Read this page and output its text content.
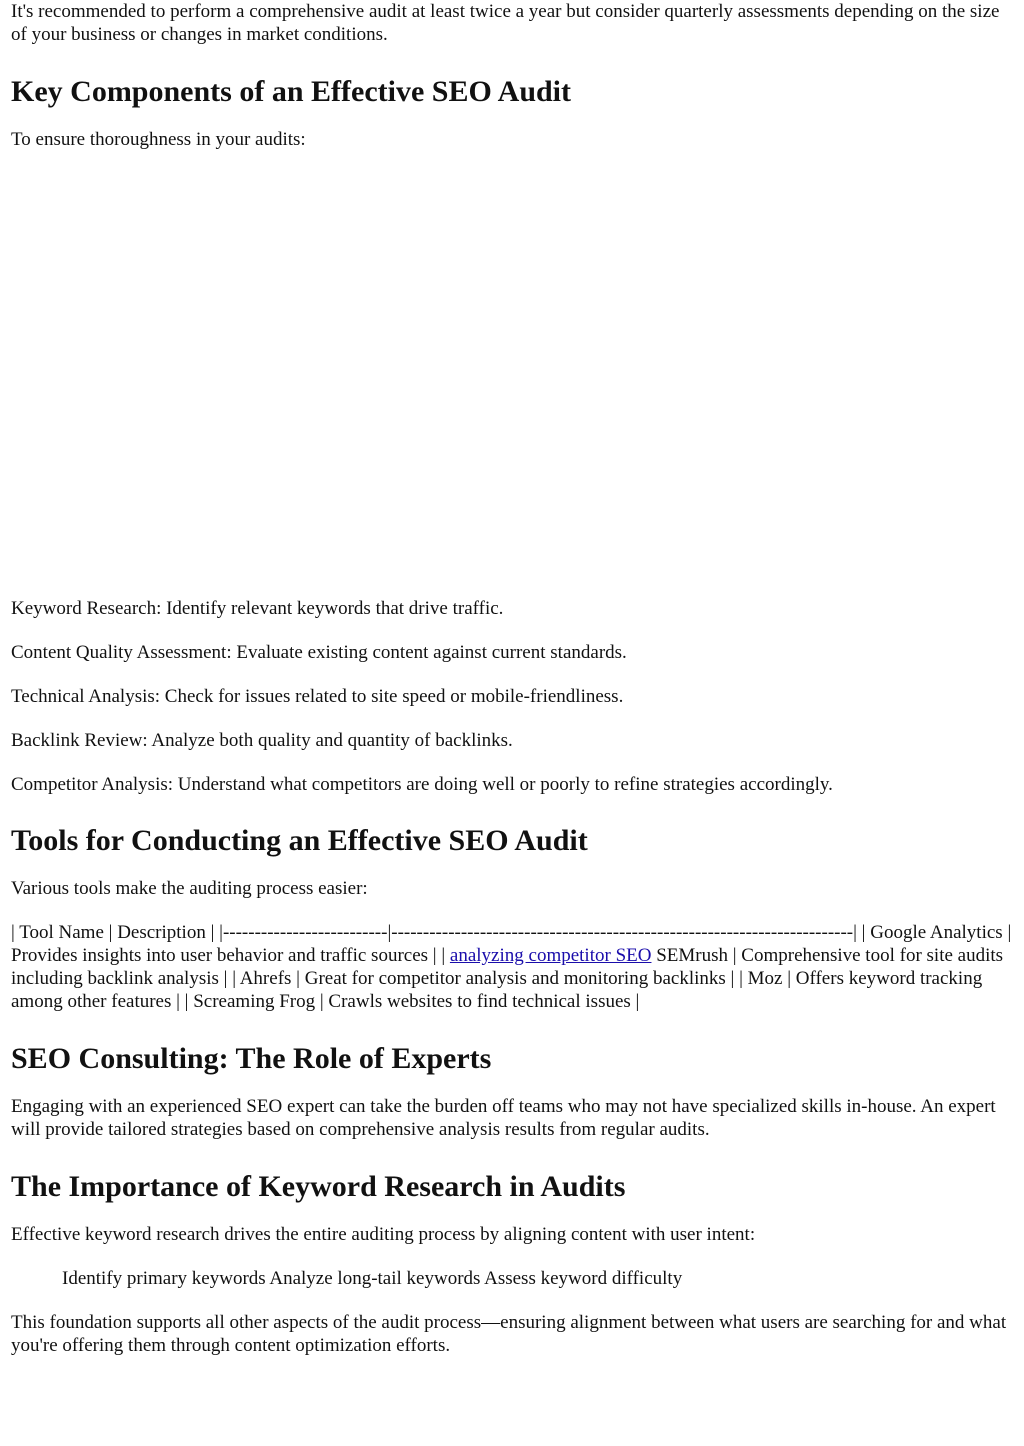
It's recommended to perform a comprehensive audit at least twice a year but consider quarterly assessments depending on the size of your business or changes in market conditions.

Key Components of an Effective SEO Audit

To ensure thoroughness in your audits:

Keyword Research: Identify relevant keywords that drive traffic.

Content Quality Assessment: Evaluate existing content against current standards.

Technical Analysis: Check for issues related to site speed or mobile-friendliness.

Backlink Review: Analyze both quality and quantity of backlinks.

Competitor Analysis: Understand what competitors are doing well or poorly to refine strategies accordingly.

Tools for Conducting an Effective SEO Audit

Various tools make the auditing process easier:

| Tool Name | Description | |--------------------------|-------------------------------------------------------------------------| | Google Analytics | Provides insights into user behavior and traffic sources | | analyzing competitor SEO SEMrush | Comprehensive tool for site audits including backlink analysis | | Ahrefs | Great for competitor analysis and monitoring backlinks | | Moz | Offers keyword tracking among other features | | Screaming Frog | Crawls websites to find technical issues |

SEO Consulting: The Role of Experts

Engaging with an experienced SEO expert can take the burden off teams who may not have specialized skills in-house. An expert will provide tailored strategies based on comprehensive analysis results from regular audits.

The Importance of Keyword Research in Audits

Effective keyword research drives the entire auditing process by aligning content with user intent:

Identify primary keywords Analyze long-tail keywords Assess keyword difficulty

This foundation supports all other aspects of the audit process—ensuring alignment between what users are searching for and what you're offering them through content optimization efforts.
